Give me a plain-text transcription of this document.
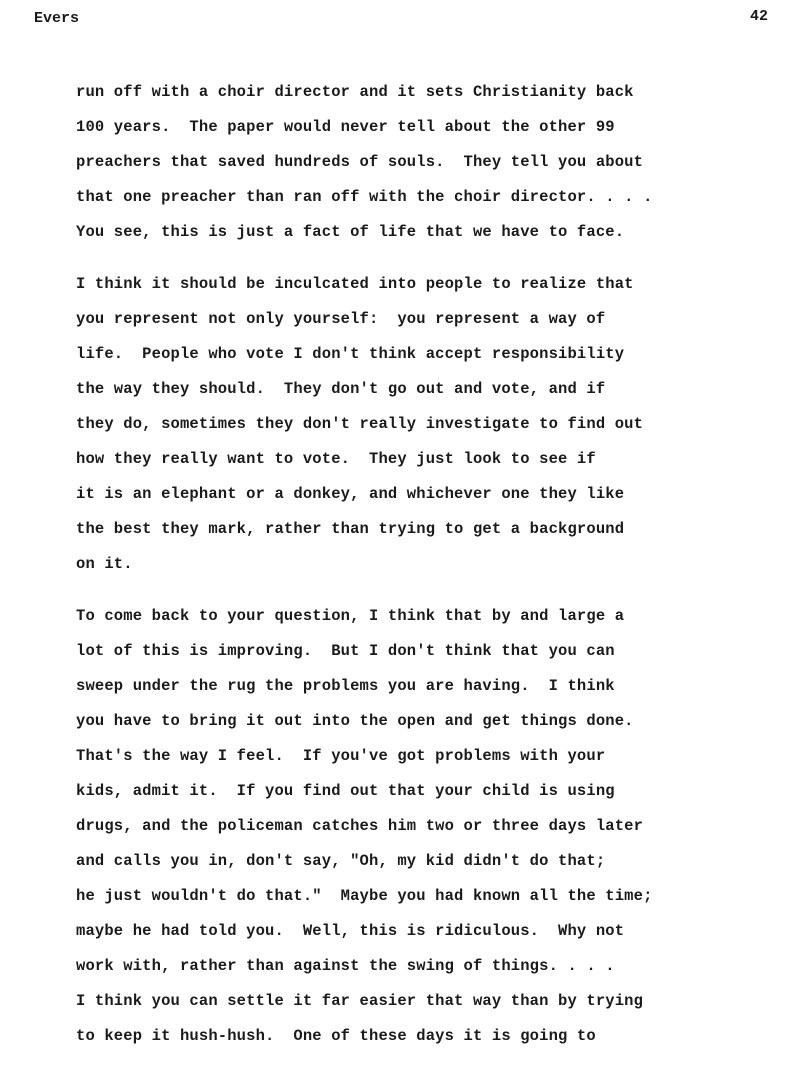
Evers	42
run off with a choir director and it sets Christianity back
100 years.  The paper would never tell about the other 99
preachers that saved hundreds of souls.  They tell you about
that one preacher than ran off with the choir director. . . .
You see, this is just a fact of life that we have to face.
I think it should be inculcated into people to realize that
you represent not only yourself:  you represent a way of
life.  People who vote I don't think accept responsibility
the way they should.  They don't go out and vote, and if
they do, sometimes they don't really investigate to find out
how they really want to vote.  They just look to see if
it is an elephant or a donkey, and whichever one they like
the best they mark, rather than trying to get a background
on it.
To come back to your question, I think that by and large a
lot of this is improving.  But I don't think that you can
sweep under the rug the problems you are having.  I think
you have to bring it out into the open and get things done.
That's the way I feel.  If you've got problems with your
kids, admit it.  If you find out that your child is using
drugs, and the policeman catches him two or three days later
and calls you in, don't say, "Oh, my kid didn't do that;
he just wouldn't do that."  Maybe you had known all the time;
maybe he had told you.  Well, this is ridiculous.  Why not
work with, rather than against the swing of things. . . .
I think you can settle it far easier that way than by trying
to keep it hush-hush.  One of these days it is going to
